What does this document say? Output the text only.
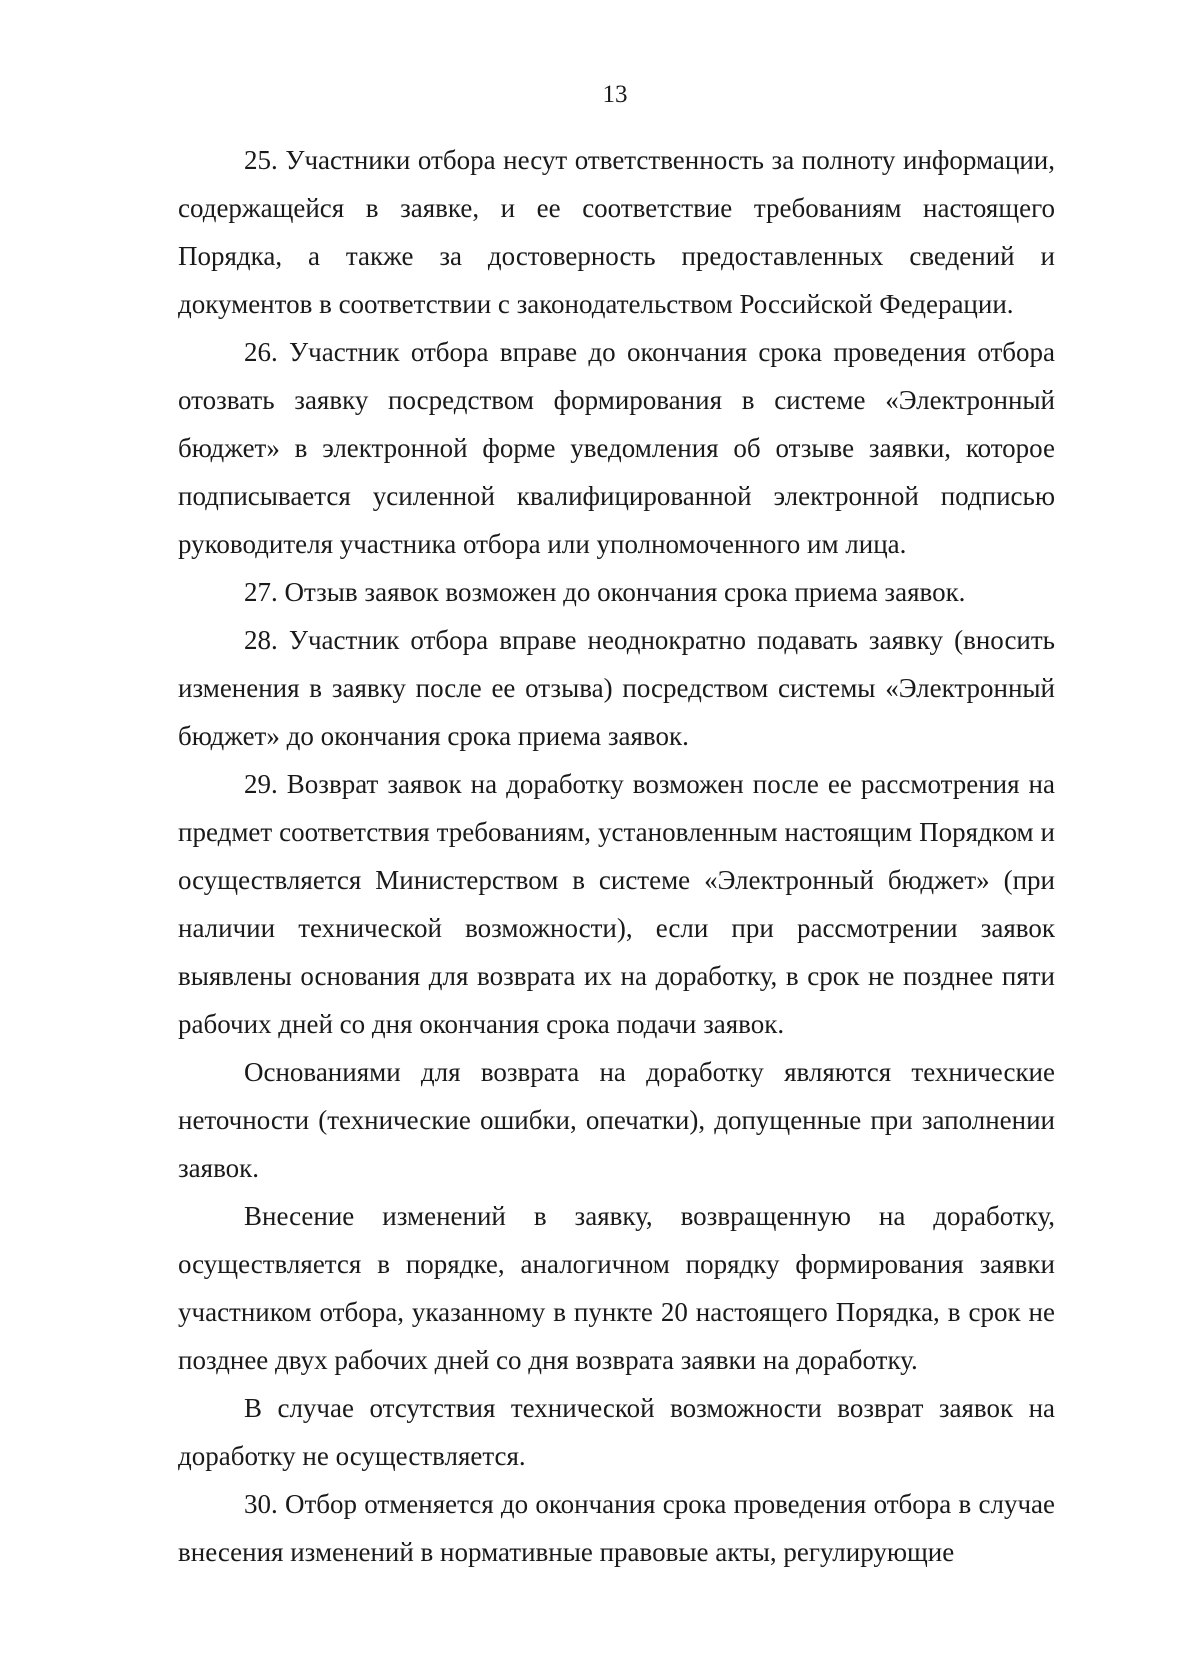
13

25. Участники отбора несут ответственность за полноту информации, содержащейся в заявке, и ее соответствие требованиям настоящего Порядка, а также за достоверность предоставленных сведений и документов в соответствии с законодательством Российской Федерации.

26. Участник отбора вправе до окончания срока проведения отбора отозвать заявку посредством формирования в системе «Электронный бюджет» в электронной форме уведомления об отзыве заявки, которое подписывается усиленной квалифицированной электронной подписью руководителя участника отбора или уполномоченного им лица.

27. Отзыв заявок возможен до окончания срока приема заявок.

28. Участник отбора вправе неоднократно подавать заявку (вносить изменения в заявку после ее отзыва) посредством системы «Электронный бюджет» до окончания срока приема заявок.

29. Возврат заявок на доработку возможен после ее рассмотрения на предмет соответствия требованиям, установленным настоящим Порядком и осуществляется Министерством в системе «Электронный бюджет» (при наличии технической возможности), если при рассмотрении заявок выявлены основания для возврата их на доработку, в срок не позднее пяти рабочих дней со дня окончания срока подачи заявок.

Основаниями для возврата на доработку являются технические неточности (технические ошибки, опечатки), допущенные при заполнении заявок.

Внесение изменений в заявку, возвращенную на доработку, осуществляется в порядке, аналогичном порядку формирования заявки участником отбора, указанному в пункте 20 настоящего Порядка, в срок не позднее двух рабочих дней со дня возврата заявки на доработку.

В случае отсутствия технической возможности возврат заявок на доработку не осуществляется.

30. Отбор отменяется до окончания срока проведения отбора в случае внесения изменений в нормативные правовые акты, регулирующие
